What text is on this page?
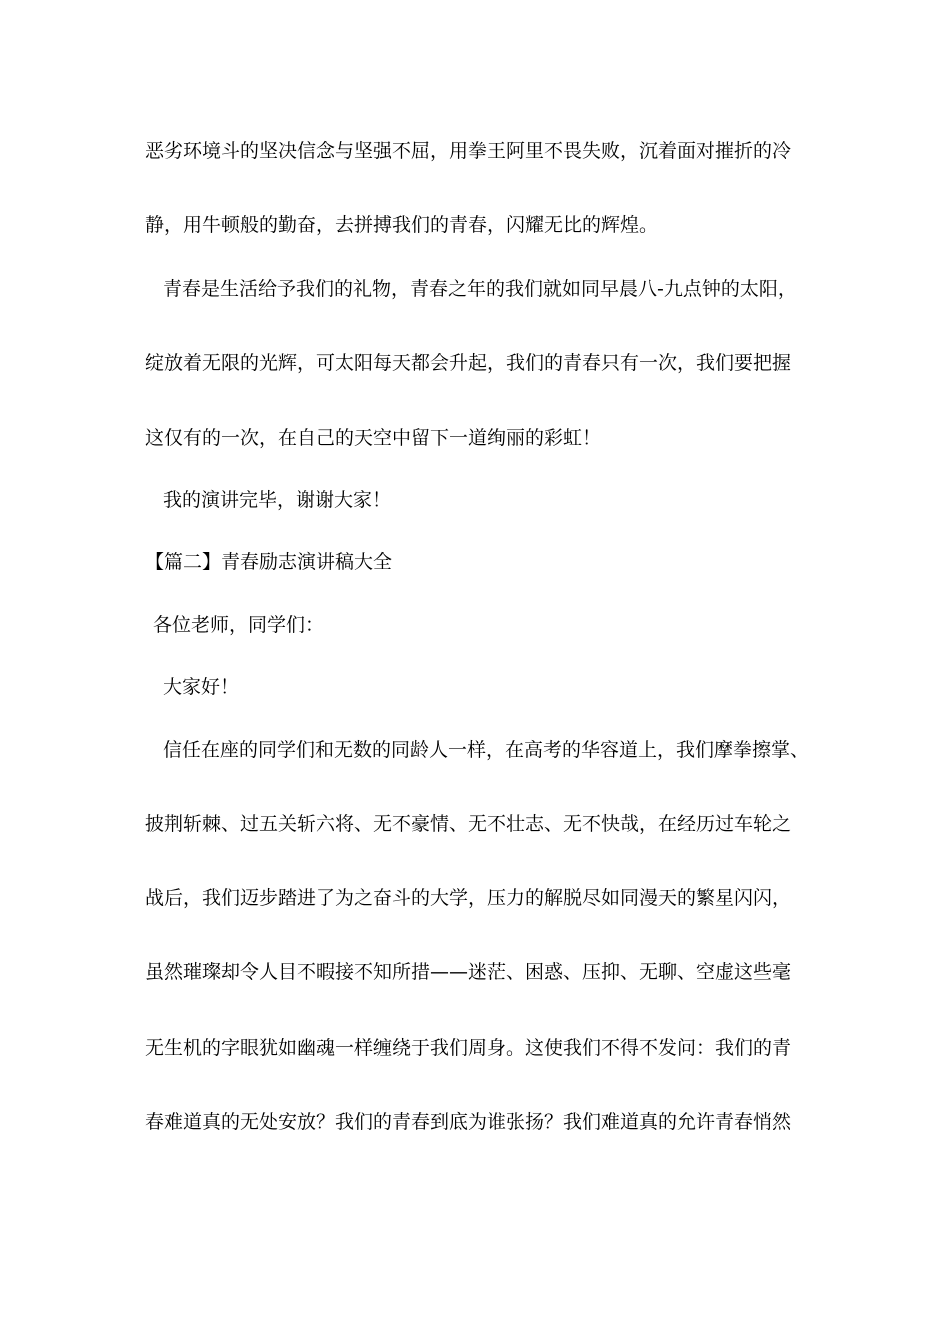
恶劣环境斗的坚决信念与坚强不屈，用拳王阿里不畏失败，沉着面对摧折的冷
静，用牛顿般的勤奋，去拼搏我们的青春，闪耀无比的辉煌。
青春是生活给予我们的礼物，青春之年的我们就如同早晨八-九点钟的太阳，
绽放着无限的光辉，可太阳每天都会升起，我们的青春只有一次，我们要把握
这仅有的一次，在自己的天空中留下一道绚丽的彩虹！
我的演讲完毕，谢谢大家！
【篇二】青春励志演讲稿大全
各位老师，同学们：
大家好！
信任在座的同学们和无数的同龄人一样，在高考的华容道上，我们摩拳擦掌、
披荆斩棘、过五关斩六将、无不豪情、无不壮志、无不快哉，在经历过车轮之
战后，我们迈步踏进了为之奋斗的大学，压力的解脱尽如同漫天的繁星闪闪，
虽然璀璨却令人目不暇接不知所措——迷茫、困惑、压抑、无聊、空虚这些毫
无生机的字眼犹如幽魂一样缠绕于我们周身。这使我们不得不发问：我们的青
春难道真的无处安放？我们的青春到底为谁张扬？我们难道真的允许青春悄然
